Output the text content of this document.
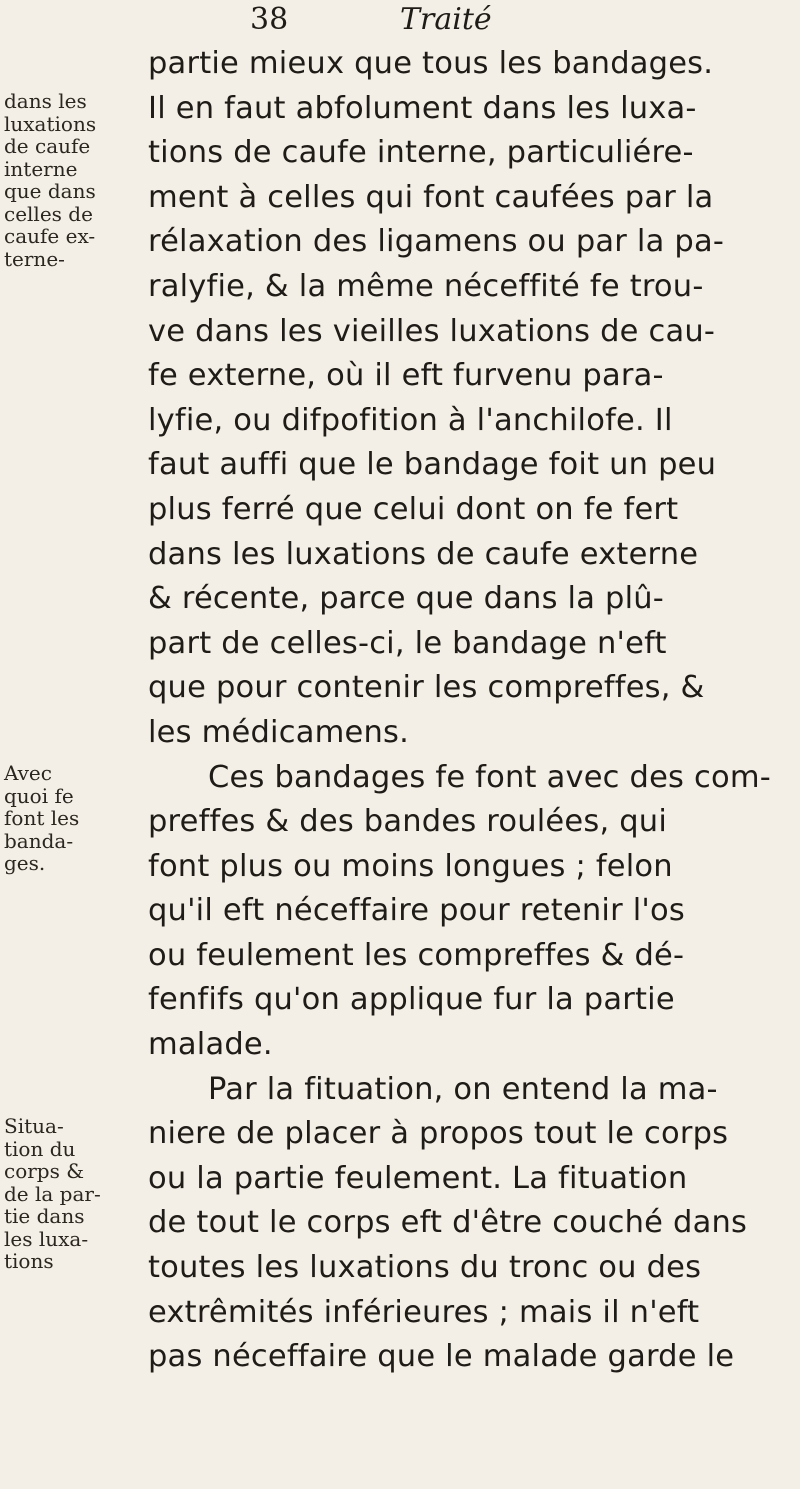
38	Traité
dans les
luxations
de caufe
interne
que dans
celles de
caufe ex-
terne-
Avec
quoi fe
font les
banda-
ges.
Situa-
tion du
corps &
de la par-
tie dans
les luxa-
tions
partie mieux que tous les bandages.
Il en faut abfolument dans les luxa-
tions de caufe interne, particuliére-
ment à celles qui font caufées par la
rélaxation des ligamens ou par la pa-
ralyfie, & la même néceffité fe trou-
ve dans les vieilles luxations de cau-
fe externe, où il eft furvenu para-
lyfie, ou difpofition à l'anchilofe. Il
faut auffi que le bandage foit un peu
plus ferré que celui dont on fe fert
dans les luxations de caufe externe
& récente, parce que dans la plû-
part de celles-ci, le bandage n'eft
que pour contenir les compreffes, &
les médicamens.
Ces bandages fe font avec des com-
preffes & des bandes roulées, qui
font plus ou moins longues ; felon
qu'il eft néceffaire pour retenir l'os
ou feulement les compreffes & dé-
fenfifs qu'on applique fur la partie
malade.
Par la fituation, on entend la ma-
niere de placer à propos tout le corps
ou la partie feulement. La fituation
de tout le corps eft d'être couché dans
toutes les luxations du tronc ou des
extrêmités inférieures ; mais il n'eft
pas néceffaire que le malade garde le
